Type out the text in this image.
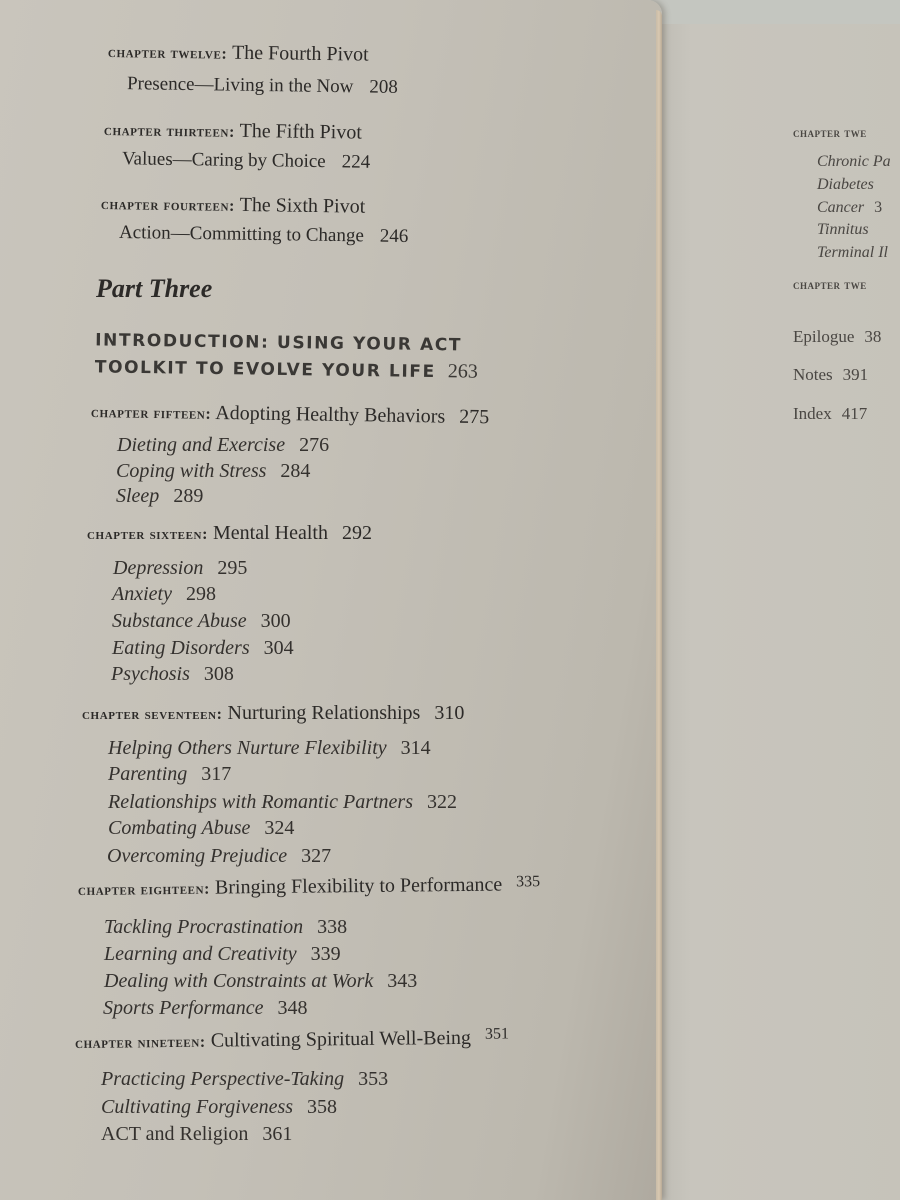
chapter twe
Chronic Pa
Diabetes
Cancer 3
Tinnitus
Terminal Il
chapter twe
Epilogue 38
Notes 391
Index 417
chapter twelve: The Fourth Pivot
Presence—Living in the Now 208
chapter thirteen: The Fifth Pivot
Values—Caring by Choice 224
chapter fourteen: The Sixth Pivot
Action—Committing to Change 246
Part Three
INTRODUCTION: USING YOUR ACT
TOOLKIT TO EVOLVE YOUR LIFE 263
chapter fifteen: Adopting Healthy Behaviors 275
Dieting and Exercise 276
Coping with Stress 284
Sleep 289
chapter sixteen: Mental Health 292
Depression 295
Anxiety 298
Substance Abuse 300
Eating Disorders 304
Psychosis 308
chapter seventeen: Nurturing Relationships 310
Helping Others Nurture Flexibility 314
Parenting 317
Relationships with Romantic Partners 322
Combating Abuse 324
Overcoming Prejudice 327
chapter eighteen: Bringing Flexibility to Performance $^{335}$
Tackling Procrastination 338
Learning and Creativity 339
Dealing with Constraints at Work 343
Sports Performance 348
chapter nineteen: Cultivating Spiritual Well-Being $^{351}$
Practicing Perspective-Taking 353
Cultivating Forgiveness 358
ACT and Religion 361
